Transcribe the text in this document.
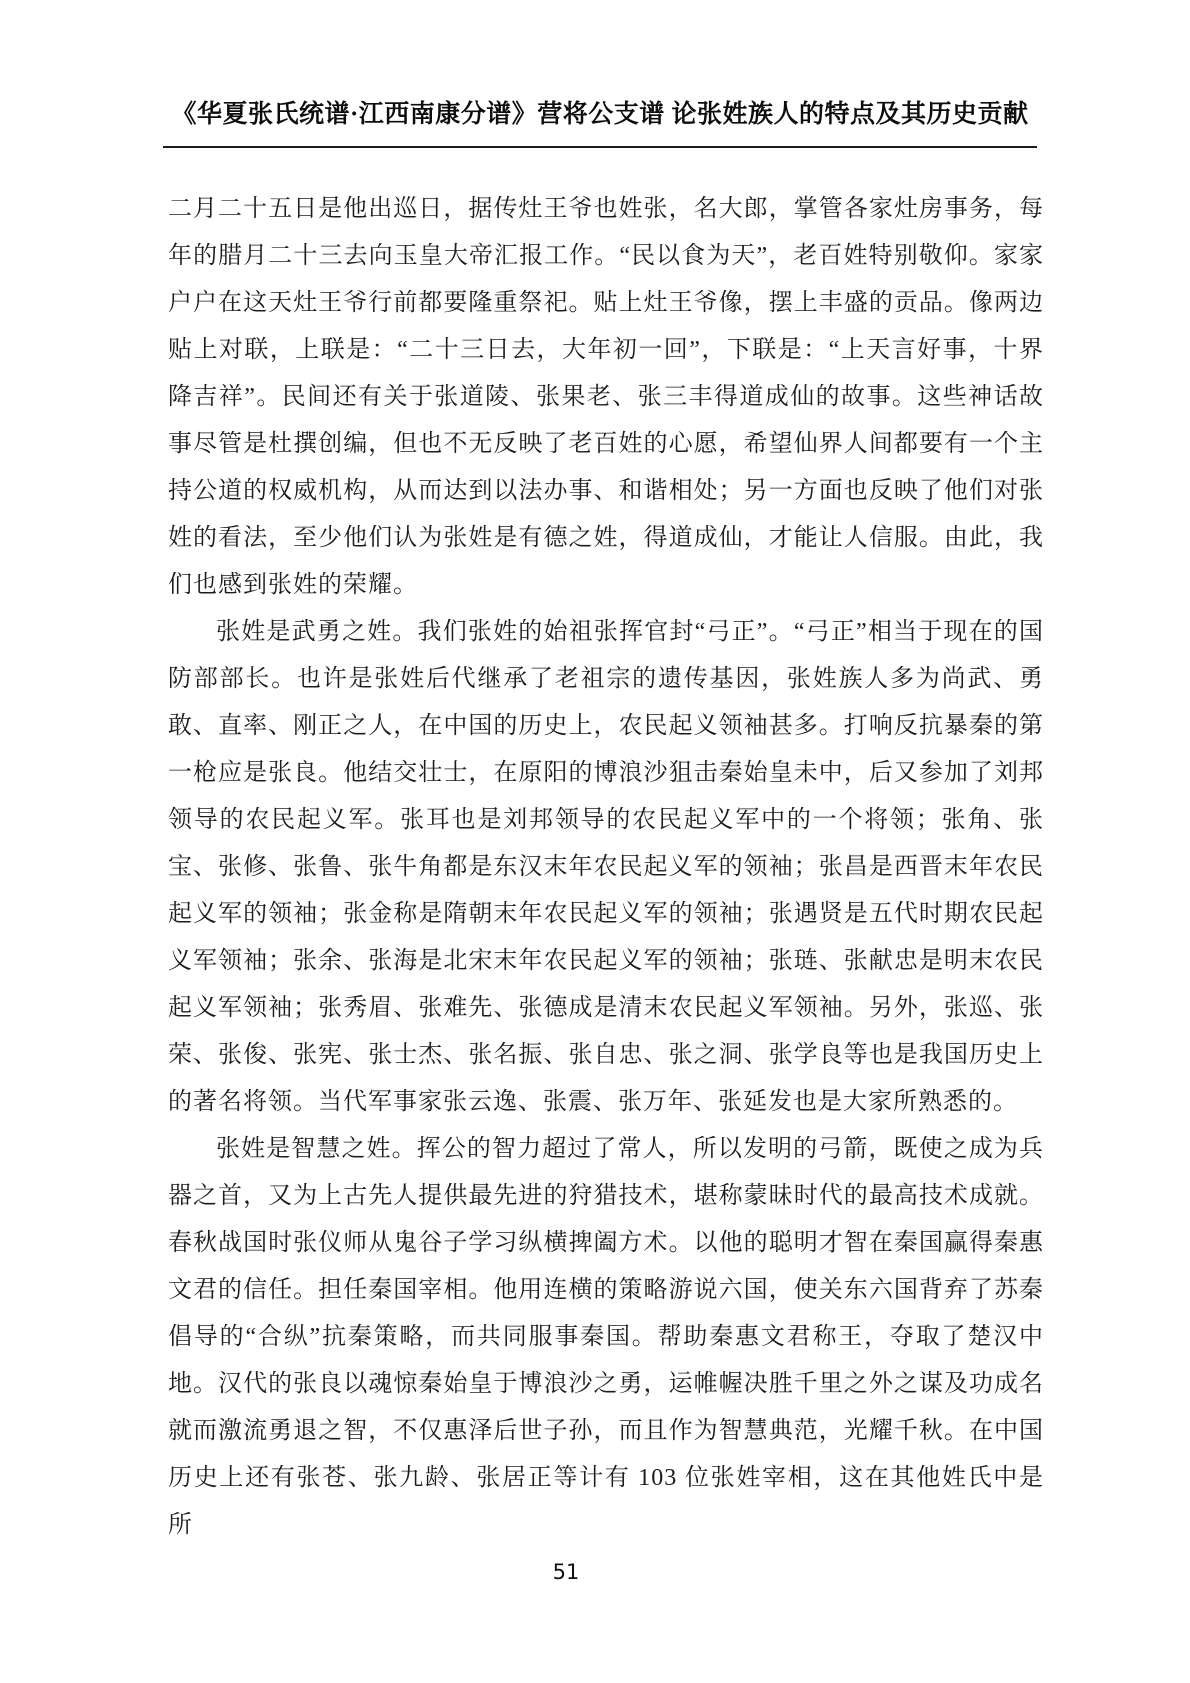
《华夏张氏统谱·江西南康分谱》营将公支谱 论张姓族人的特点及其历史贡献

二月二十五日是他出巡日，据传灶王爷也姓张，名大郎，掌管各家灶房事务，每年的腊月二十三去向玉皇大帝汇报工作。“民以食为天”，老百姓特别敬仰。家家户户在这天灶王爷行前都要隆重祭祀。贴上灶王爷像，摆上丰盛的贡品。像两边贴上对联，上联是：“二十三日去，大年初一回”，下联是：“上天言好事，十界降吉祥”。民间还有关于张道陵、张果老、张三丰得道成仙的故事。这些神话故事尽管是杜撰创编，但也不无反映了老百姓的心愿，希望仙界人间都要有一个主持公道的权威机构，从而达到以法办事、和谐相处；另一方面也反映了他们对张姓的看法，至少他们认为张姓是有德之姓，得道成仙，才能让人信服。由此，我们也感到张姓的荣耀。

张姓是武勇之姓。我们张姓的始祖张挥官封“弓正”。“弓正”相当于现在的国防部部长。也许是张姓后代继承了老祖宗的遗传基因，张姓族人多为尚武、勇敢、直率、刚正之人，在中国的历史上，农民起义领袖甚多。打响反抗暴秦的第一枪应是张良。他结交壮士，在原阳的博浪沙狙击秦始皇未中，后又参加了刘邦领导的农民起义军。张耳也是刘邦领导的农民起义军中的一个将领；张角、张宝、张修、张鲁、张牛角都是东汉末年农民起义军的领袖；张昌是西晋末年农民起义军的领袖；张金称是隋朝末年农民起义军的领袖；张遇贤是五代时期农民起义军领袖；张余、张海是北宋末年农民起义军的领袖；张琏、张献忠是明末农民起义军领袖；张秀眉、张难先、张德成是清末农民起义军领袖。另外，张巡、张荣、张俊、张宪、张士杰、张名振、张自忠、张之洞、张学良等也是我国历史上的著名将领。当代军事家张云逸、张震、张万年、张延发也是大家所熟悉的。

张姓是智慧之姓。挥公的智力超过了常人，所以发明的弓箭，既使之成为兵器之首，又为上古先人提供最先进的狩猎技术，堪称蒙昧时代的最高技术成就。春秋战国时张仪师从鬼谷子学习纵横捭阖方术。以他的聪明才智在秦国赢得秦惠文君的信任。担任秦国宰相。他用连横的策略游说六国，使关东六国背弃了苏秦倡导的“合纵”抗秦策略，而共同服事秦国。帮助秦惠文君称王，夺取了楚汉中地。汉代的张良以魂惊秦始皇于博浪沙之勇，运帷幄决胜千里之外之谋及功成名就而激流勇退之智，不仅惠泽后世子孙，而且作为智慧典范，光耀千秋。在中国历史上还有张苍、张九龄、张居正等计有 103 位张姓宰相，这在其他姓氏中是所

51
